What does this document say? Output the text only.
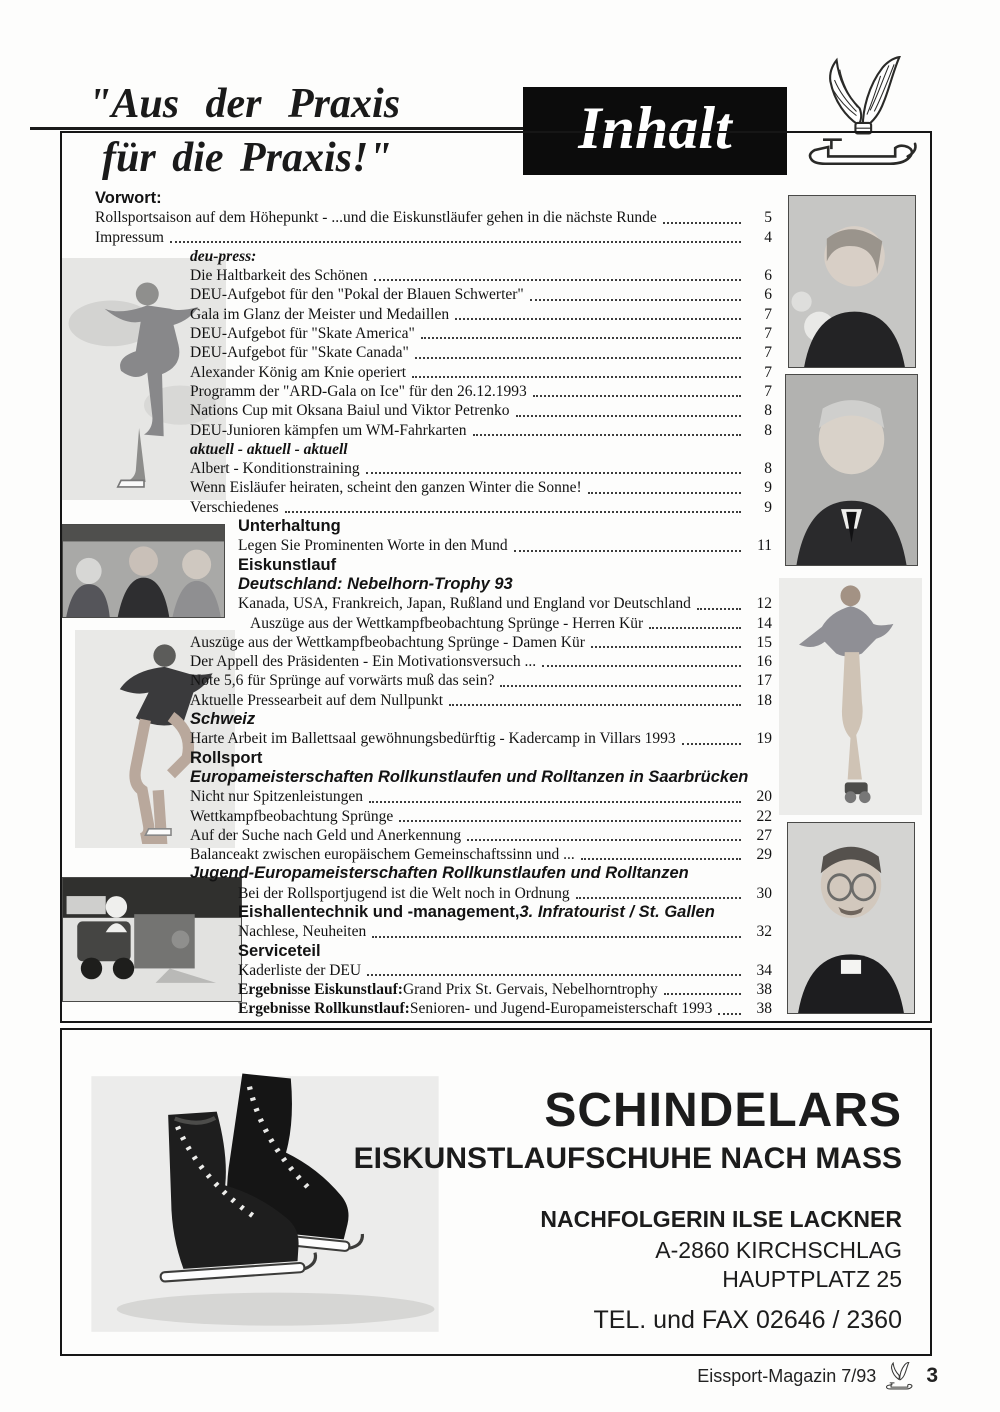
"Aus der Praxis
für die Praxis!"	Inhalt
Vorwort:
Rollsportsaison auf dem Höhepunkt - ...und die Eiskunstläufer gehen in die nächste Runde	5
Impressum	4
deu-press:
Die Haltbarkeit des Schönen	6
DEU-Aufgebot für den "Pokal der Blauen Schwerter"	6
Gala im Glanz der Meister und Medaillen	7
DEU-Aufgebot für "Skate America"	7
DEU-Aufgebot für "Skate Canada"	7
Alexander König am Knie operiert	7
Programm der "ARD-Gala on Ice" für den 26.12.1993	7
Nations Cup mit Oksana Baiul und Viktor Petrenko	8
DEU-Junioren kämpfen um WM-Fahrkarten	8
aktuell - aktuell - aktuell
Albert - Konditionstraining	8
Wenn Eisläufer heiraten, scheint den ganzen Winter die Sonne!	9
Verschiedenes	9
Unterhaltung
Legen Sie Prominenten Worte in den Mund	11
Eiskunstlauf
Deutschland: Nebelhorn-Trophy 93
Kanada, USA, Frankreich, Japan, Rußland und England vor Deutschland	12
Auszüge aus der Wettkampfbeobachtung Sprünge - Herren Kür	14
Auszüge aus der Wettkampfbeobachtung Sprünge - Damen Kür	15
Der Appell des Präsidenten - Ein Motivationsversuch ...	16
Note 5,6 für Sprünge auf vorwärts muß das sein?	17
Aktuelle Pressearbeit auf dem Nullpunkt	18
Schweiz
Harte Arbeit im Ballettsaal gewöhnungsbedürftig - Kadercamp in Villars 1993	19
Rollsport
Europameisterschaften Rollkunstlaufen und Rolltanzen in Saarbrücken
Nicht nur Spitzenleistungen	20
Wettkampfbeobachtung Sprünge	22
Auf der Suche nach Geld und Anerkennung	27
Balanceakt zwischen europäischem Gemeinschaftssinn und ...	29
Jugend-Europameisterschaften Rollkunstlaufen und Rolltanzen
Bei der Rollsportjugend ist die Welt noch in Ordnung	30
Eishallentechnik und -management, 3. Infratourist / St. Gallen
Nachlese, Neuheiten	32
Serviceteil
Kaderliste der DEU	34
Ergebnisse Eiskunstlauf: Grand Prix St. Gervais, Nebelhorntrophy	38
Ergebnisse Rollkunstlauf: Senioren- und Jugend-Europameisterschaft 1993	38
SCHINDELARS
EISKUNSTLAUFSCHUHE NACH MASS
NACHFOLGERIN ILSE LACKNER
A-2860 KIRCHSCHLAG
HAUPTPLATZ 25
TEL. und FAX 02646 / 2360
Eissport-Magazin 7/93 3
